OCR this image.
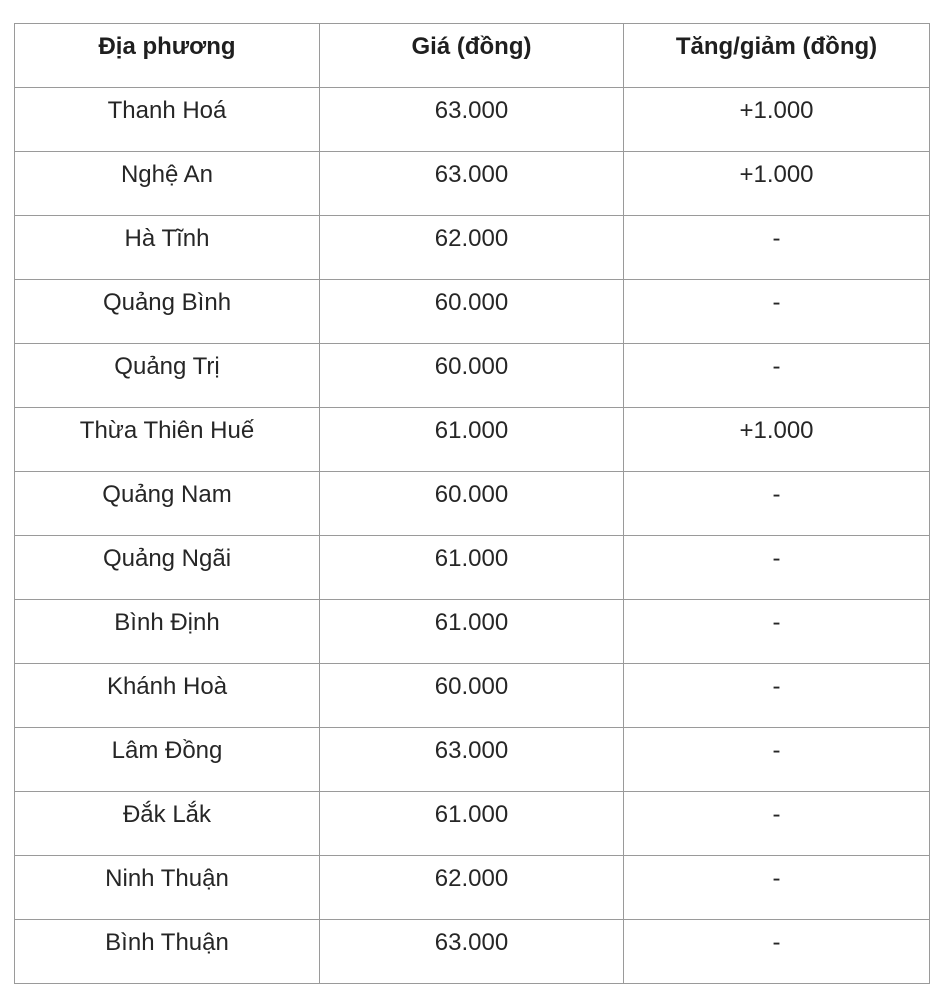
Địa phương	Giá (đồng)	Tăng/giảm (đồng)

Thanh Hoá	63.000	+1.000

Nghệ An	63.000	+1.000

Hà Tĩnh	62.000	-

Quảng Bình	60.000	-

Quảng Trị	60.000	-

Thừa Thiên Huế	61.000	+1.000

Quảng Nam	60.000	-

Quảng Ngãi	61.000	-

Bình Định	61.000	-

Khánh Hoà	60.000	-

Lâm Đồng	63.000	-

Đắk Lắk	61.000	-

Ninh Thuận	62.000	-

Bình Thuận	63.000	-
